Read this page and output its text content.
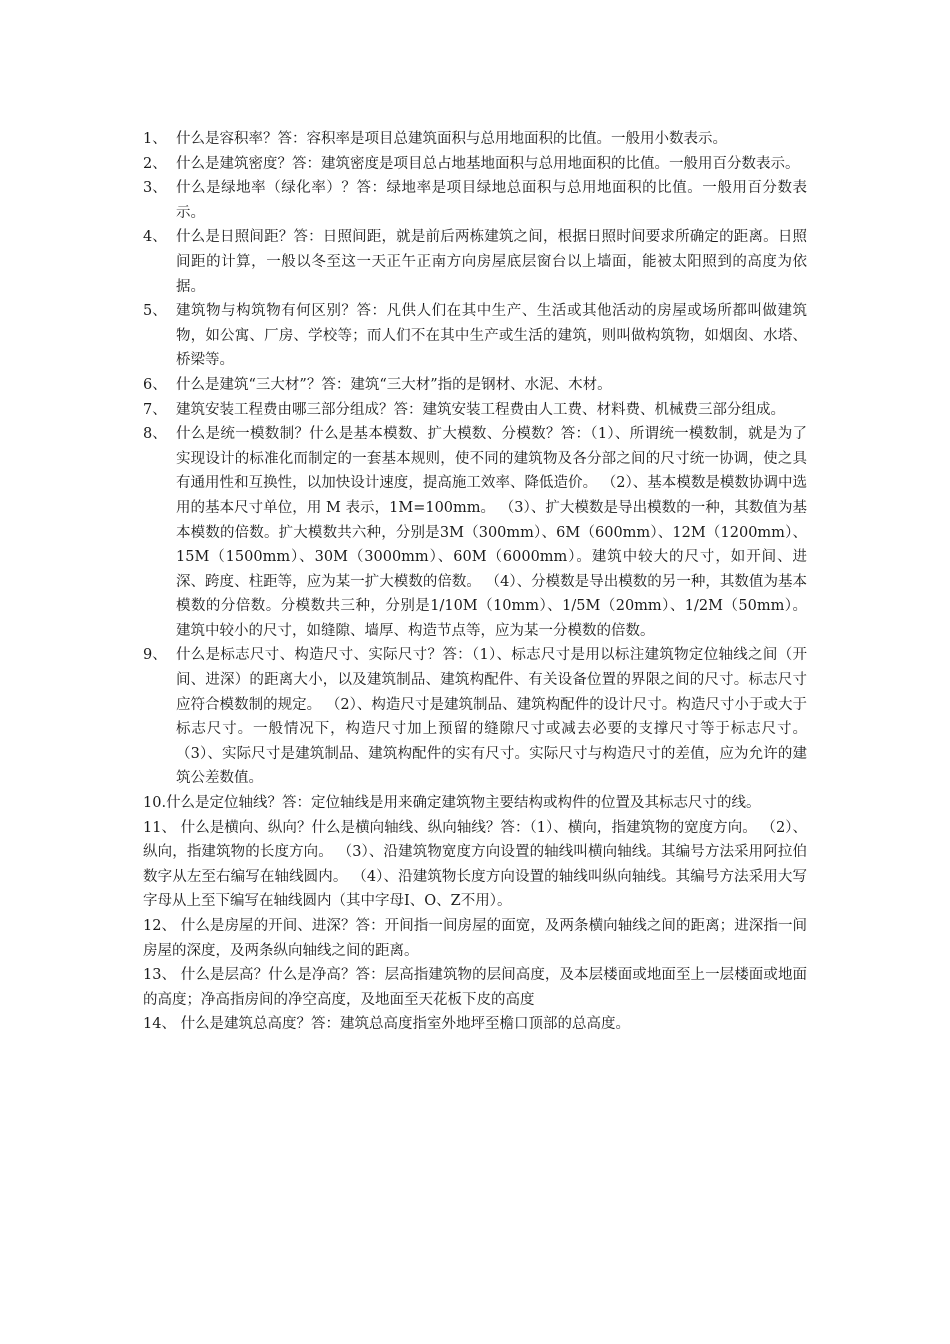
1、 什么是容积率？答：容积率是项目总建筑面积与总用地面积的比值。一般用小数表示。
2、 什么是建筑密度？答：建筑密度是项目总占地基地面积与总用地面积的比值。一般用百分数表示。
3、 什么是绿地率（绿化率）？答：绿地率是项目绿地总面积与总用地面积的比值。一般用百分数表示。
4、 什么是日照间距？答：日照间距，就是前后两栋建筑之间，根据日照时间要求所确定的距离。日照间距的计算，一般以冬至这一天正午正南方向房屋底层窗台以上墙面，能被太阳照到的高度为依据。
5、 建筑物与构筑物有何区别？答：凡供人们在其中生产、生活或其他活动的房屋或场所都叫做建筑物，如公寓、厂房、学校等；而人们不在其中生产或生活的建筑，则叫做构筑物，如烟囱、水塔、桥梁等。
6、 什么是建筑“三大材”？答：建筑“三大材”指的是钢材、水泥、木材。
7、 建筑安装工程费由哪三部分组成？答：建筑安装工程费由人工费、材料费、机械费三部分组成。
8、 什么是统一模数制？什么是基本模数、扩大模数、分模数？答：（1）、所谓统一模数制，就是为了实现设计的标准化而制定的一套基本规则，使不同的建筑物及各分部之间的尺寸统一协调，使之具有通用性和互换性，以加快设计速度，提高施工效率、降低造价。 （2）、基本模数是模数协调中选用的基本尺寸单位，用 M 表示，1M=100mm。 （3）、扩大模数是导出模数的一种，其数值为基本模数的倍数。扩大模数共六种，分别是3M（300mm）、6M（600mm）、12M（1200mm）、15M（1500mm）、30M（3000mm）、60M（6000mm）。建筑中较大的尺寸，如开间、进深、跨度、柱距等，应为某一扩大模数的倍数。 （4）、分模数是导出模数的另一种，其数值为基本模数的分倍数。分模数共三种，分别是1/10M（10mm）、1/5M（20mm）、1/2M（50mm）。建筑中较小的尺寸，如缝隙、墙厚、构造节点等，应为某一分模数的倍数。
9、 什么是标志尺寸、构造尺寸、实际尺寸？答：（1）、标志尺寸是用以标注建筑物定位轴线之间（开间、进深）的距离大小，以及建筑制品、建筑构配件、有关设备位置的界限之间的尺寸。标志尺寸应符合模数制的规定。 （2）、构造尺寸是建筑制品、建筑构配件的设计尺寸。构造尺寸小于或大于标志尺寸。一般情况下，构造尺寸加上预留的缝隙尺寸或减去必要的支撑尺寸等于标志尺寸。 （3）、实际尺寸是建筑制品、建筑构配件的实有尺寸。实际尺寸与构造尺寸的差值，应为允许的建筑公差数值。
10.什么是定位轴线？答：定位轴线是用来确定建筑物主要结构或构件的位置及其标志尺寸的线。
11、 什么是横向、纵向？什么是横向轴线、纵向轴线？答：（1）、横向，指建筑物的宽度方向。 （2）、纵向，指建筑物的长度方向。 （3）、沿建筑物宽度方向设置的轴线叫横向轴线。其编号方法采用阿拉伯数字从左至右编写在轴线圆内。 （4）、沿建筑物长度方向设置的轴线叫纵向轴线。其编号方法采用大写字母从上至下编写在轴线圆内（其中字母I、O、Z不用）。
12、 什么是房屋的开间、进深？答：开间指一间房屋的面宽，及两条横向轴线之间的距离；进深指一间房屋的深度，及两条纵向轴线之间的距离。
13、 什么是层高？什么是净高？答：层高指建筑物的层间高度，及本层楼面或地面至上一层楼面或地面的高度；净高指房间的净空高度，及地面至天花板下皮的高度
14、 什么是建筑总高度？答：建筑总高度指室外地坪至檐口顶部的总高度。
